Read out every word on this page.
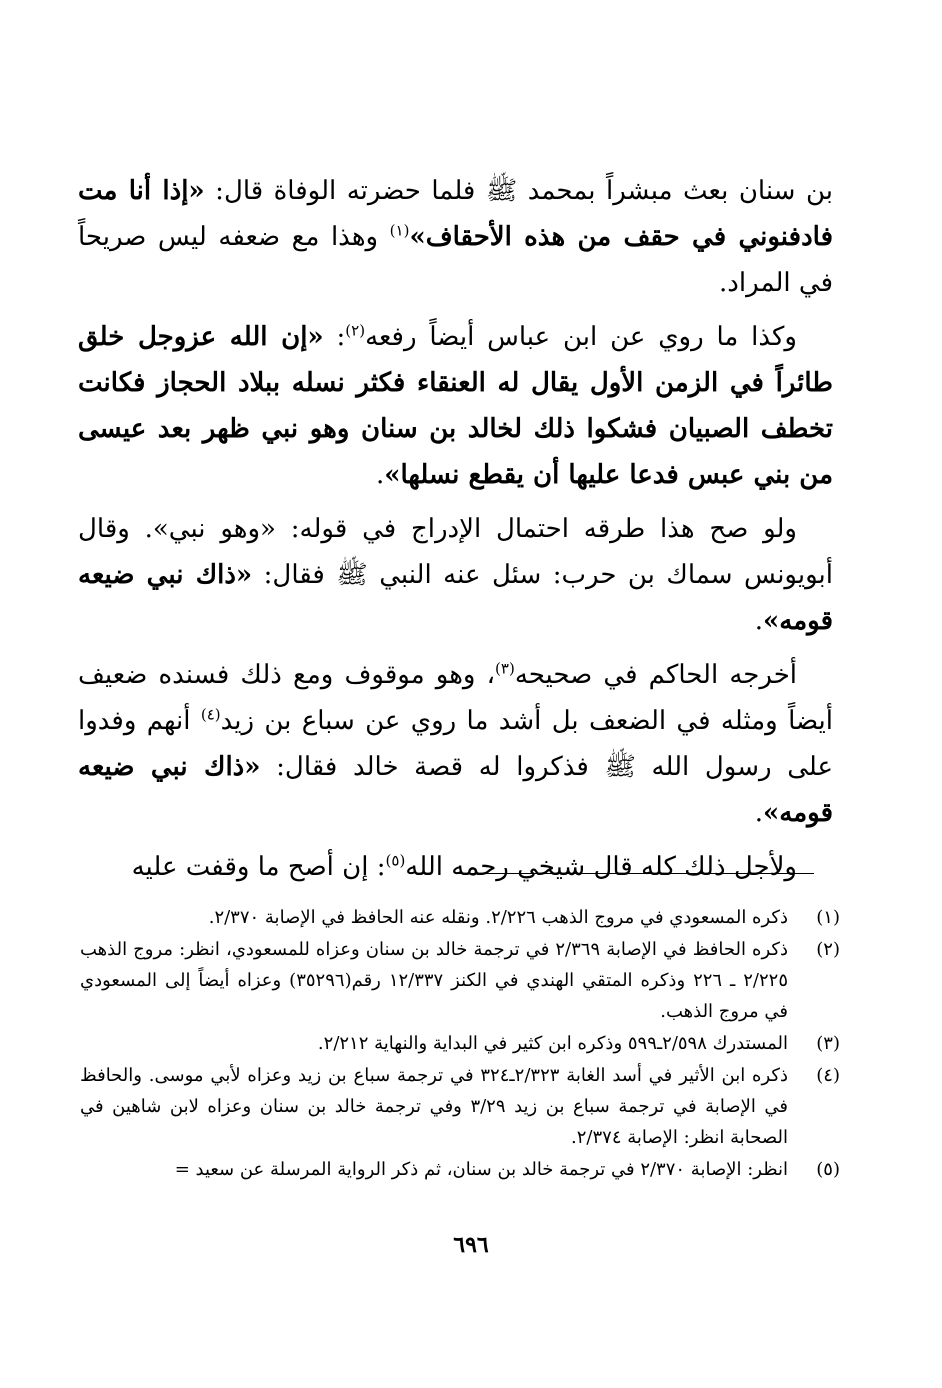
بن سنان بعث مبشراً بمحمد ﷺ فلما حضرته الوفاة قال: «إذا أنا مت فادفنوني في حقف من هذه الأحقاف»$^{(١)}$ وهذا مع ضعفه ليس صريحاً في المراد.

وكذا ما روي عن ابن عباس أيضاً رفعه$^{(٢)}$: «إن الله عزوجل خلق طائراً في الزمن الأول يقال له العنقاء فكثر نسله ببلاد الحجاز فكانت تخطف الصبيان فشكوا ذلك لخالد بن سنان وهو نبي ظهر بعد عيسى من بني عبس فدعا عليها أن يقطع نسلها».

ولو صح هذا طرقه احتمال الإدراج في قوله: «وهو نبي». وقال أبويونس سماك بن حرب: سئل عنه النبي ﷺ فقال: «ذاك نبي ضيعه قومه».

أخرجه الحاكم في صحيحه$^{(٣)}$، وهو موقوف ومع ذلك فسنده ضعيف أيضاً ومثله في الضعف بل أشد ما روي عن سباع بن زيد$^{(٤)}$ أنهم وفدوا على رسول الله ﷺ فذكروا له قصة خالد فقال: «ذاك نبي ضيعه قومه».

ولأجل ذلك كله قال شيخي رحمه الله$^{(٥)}$: إن أصح ما وقفت عليه

(١)
ذكره المسعودي في مروج الذهب ٢/٢٢٦. ونقله عنه الحافظ في الإصابة ٢/٣٧٠.
(٢)
ذكره الحافظ في الإصابة ٢/٣٦٩ في ترجمة خالد بن سنان وعزاه للمسعودي، انظر: مروج الذهب ٢/٢٢٥ ـ ٢٢٦ وذكره المتقي الهندي في الكنز ١٢/٣٣٧ رقم(٣٥٢٩٦) وعزاه أيضاً إلى المسعودي في مروج الذهب.
(٣)
المستدرك ٢/٥٩٨ـ٥٩٩ وذكره ابن كثير في البداية والنهاية ٢/٢١٢.
(٤)
ذكره ابن الأثير في أسد الغابة ٢/٣٢٣ـ٣٢٤ في ترجمة سباع بن زيد وعزاه لأبي موسى. والحافظ في الإصابة في ترجمة سباع بن زيد ٣/٢٩ وفي ترجمة خالد بن سنان وعزاه لابن شاهين في الصحابة انظر: الإصابة ٢/٣٧٤.
(٥)
انظر: الإصابة ٢/٣٧٠ في ترجمة خالد بن سنان، ثم ذكر الرواية المرسلة عن سعيد =
٦٩٦
